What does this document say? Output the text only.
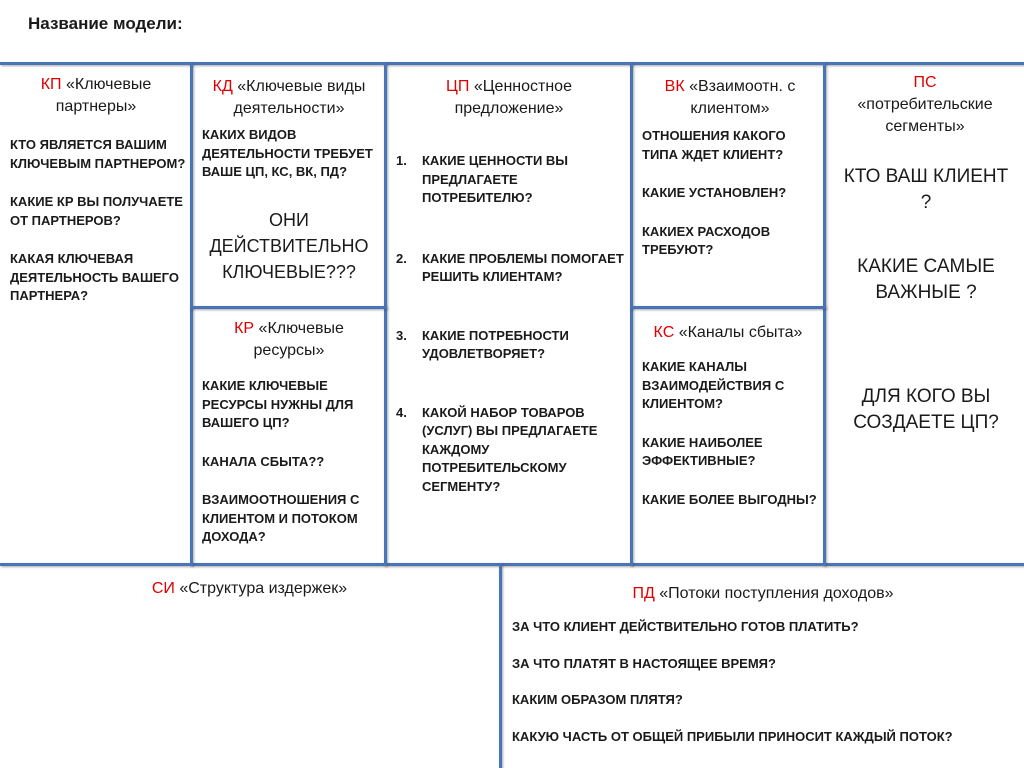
Название модели:
КП «Ключевые партнеры»

КТО ЯВЛЯЕТСЯ ВАШИМ КЛЮЧЕВЫМ ПАРТНЕРОМ?

КАКИЕ КР ВЫ ПОЛУЧАЕТЕ ОТ ПАРТНЕРОВ?

КАКАЯ КЛЮЧЕВАЯ ДЕЯТЕЛЬНОСТЬ ВАШЕГО ПАРТНЕРА?

КД «Ключевые виды деятельности»
КАКИХ ВИДОВ ДЕЯТЕЛЬНОСТИ ТРЕБУЕТ ВАШЕ ЦП, КС, ВК, ПД?
ОНИ ДЕЙСТВИТЕЛЬНО КЛЮЧЕВЫЕ???
КР «Ключевые ресурсы»

КАКИЕ КЛЮЧЕВЫЕ РЕСУРСЫ НУЖНЫ ДЛЯ ВАШЕГО ЦП?

КАНАЛА СБЫТА??

ВЗАИМООТНОШЕНИЯ С КЛИЕНТОМ И ПОТОКОМ ДОХОДА?

ЦП «Ценностное предложение»
1. КАКИЕ ЦЕННОСТИ ВЫ ПРЕДЛАГАЕТЕ ПОТРЕБИТЕЛЮ?
2. КАКИЕ ПРОБЛЕМЫ ПОМОГАЕТ РЕШИТЬ КЛИЕНТАМ?
3. КАКИЕ ПОТРЕБНОСТИ УДОВЛЕТВОРЯЕТ?
4. КАКОЙ НАБОР ТОВАРОВ (УСЛУГ) ВЫ ПРЕДЛАГАЕТЕ КАЖДОМУ ПОТРЕБИТЕЛЬСКОМУ СЕГМЕНТУ?
ВК «Взаимоотн. с клиентом»

ОТНОШЕНИЯ КАКОГО ТИПА ЖДЕТ КЛИЕНТ?

КАКИЕ УСТАНОВЛЕН?

КАКИЕХ РАСХОДОВ ТРЕБУЮТ?

КС «Каналы сбыта»

КАКИЕ КАНАЛЫ ВЗАИМОДЕЙСТВИЯ С КЛИЕНТОМ?

КАКИЕ НАИБОЛЕЕ ЭФФЕКТИВНЫЕ?

КАКИЕ БОЛЕЕ ВЫГОДНЫ?

ПС
«потребительские сегменты»
КТО ВАШ КЛИЕНТ ?
КАКИЕ САМЫЕ ВАЖНЫЕ ?
ДЛЯ КОГО ВЫ СОЗДАЕТЕ ЦП?
СИ «Структура издержек»	ПД «Потоки поступления доходов»

ЗА ЧТО КЛИЕНТ ДЕЙСТВИТЕЛЬНО ГОТОВ ПЛАТИТЬ?

ЗА ЧТО ПЛАТЯТ В НАСТОЯЩЕЕ ВРЕМЯ?

КАКИМ ОБРАЗОМ ПЛЯТЯ?

КАКУЮ ЧАСТЬ ОТ ОБЩЕЙ ПРИБЫЛИ ПРИНОСИТ КАЖДЫЙ ПОТОК?
